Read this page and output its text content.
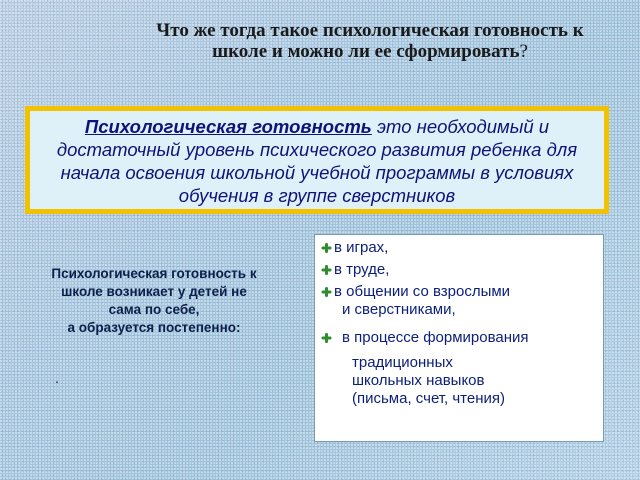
Что же тогда такое психологическая готовность к школе и можно ли ее сформировать?
Психологическая готовность это необходимый и достаточный уровень психического развития ребенка для начала освоения школьной учебной программы в условиях обучения в группе сверстников
Психологическая готовность к
школе возникает у детей не
сама по себе,
а образуется постепенно:
.
в играх,
в труде,
в общении со взрослыми
и сверстниками,
в процессе формирования
традиционных
школьных навыков
(письма, счет, чтения)
